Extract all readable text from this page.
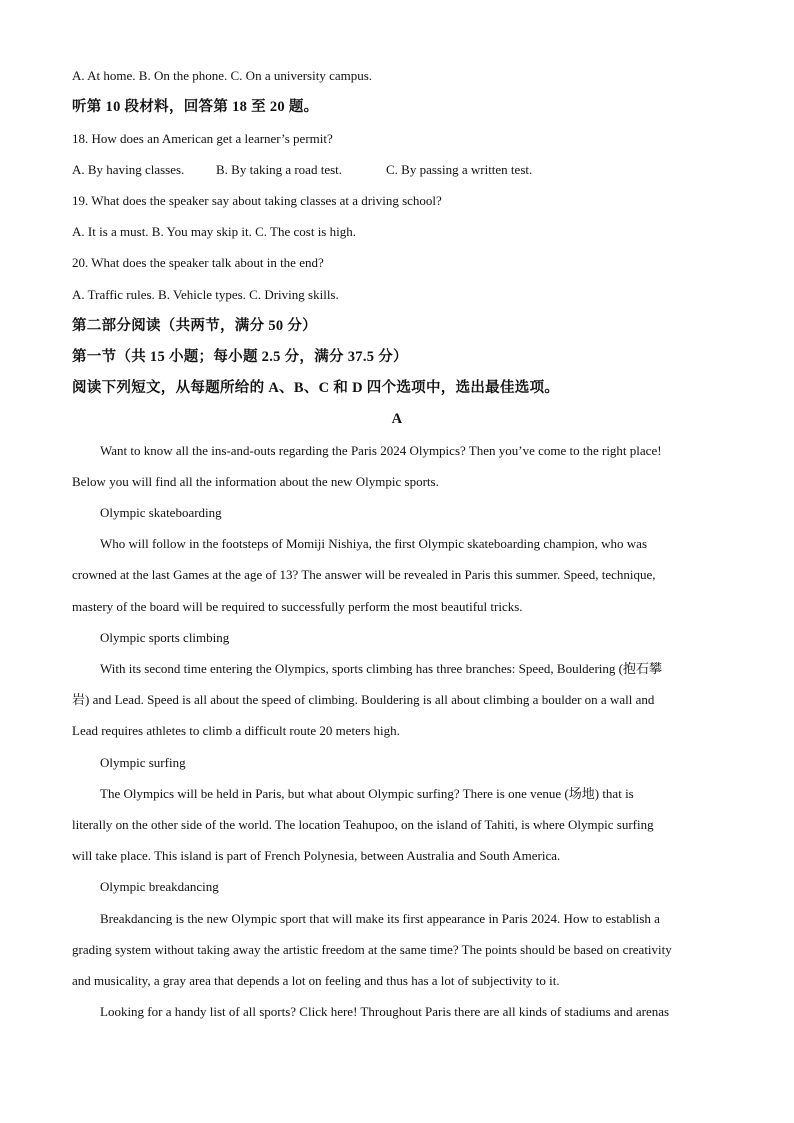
A. At home. B. On the phone. C. On a university campus.
听第 10 段材料，回答第 18 至 20 题。
18. How does an American get a learner’s permit?
A. By having classes. B. By taking a road test.	C. By passing a written test.
19. What does the speaker say about taking classes at a driving school?
A. It is a must. B. You may skip it. C. The cost is high.
20. What does the speaker talk about in the end?
A. Traffic rules. B. Vehicle types. C. Driving skills.
第二部分阅读（共两节，满分 50 分）
第一节（共 15 小题；每小题 2.5 分，满分 37.5 分）
阅读下列短文，从每题所给的 A、B、C 和 D 四个选项中，选出最佳选项。
A
Want to know all the ins-and-outs regarding the Paris 2024 Olympics? Then you’ve come to the right place!
Below you will find all the information about the new Olympic sports.
Olympic skateboarding
Who will follow in the footsteps of Momiji Nishiya, the first Olympic skateboarding champion, who was
crowned at the last Games at the age of 13? The answer will be revealed in Paris this summer. Speed, technique,
mastery of the board will be required to successfully perform the most beautiful tricks.
Olympic sports climbing
With its second time entering the Olympics, sports climbing has three branches: Speed, Bouldering (抱石攀
岩) and Lead. Speed is all about the speed of climbing. Bouldering is all about climbing a boulder on a wall and
Lead requires athletes to climb a difficult route 20 meters high.
Olympic surfing
The Olympics will be held in Paris, but what about Olympic surfing? There is one venue (场地) that is
literally on the other side of the world. The location Teahupoo, on the island of Tahiti, is where Olympic surfing
will take place. This island is part of French Polynesia, between Australia and South America.
Olympic breakdancing
Breakdancing is the new Olympic sport that will make its first appearance in Paris 2024. How to establish a
grading system without taking away the artistic freedom at the same time? The points should be based on creativity
and musicality, a gray area that depends a lot on feeling and thus has a lot of subjectivity to it.
Looking for a handy list of all sports? Click here! Throughout Paris there are all kinds of stadiums and arenas
